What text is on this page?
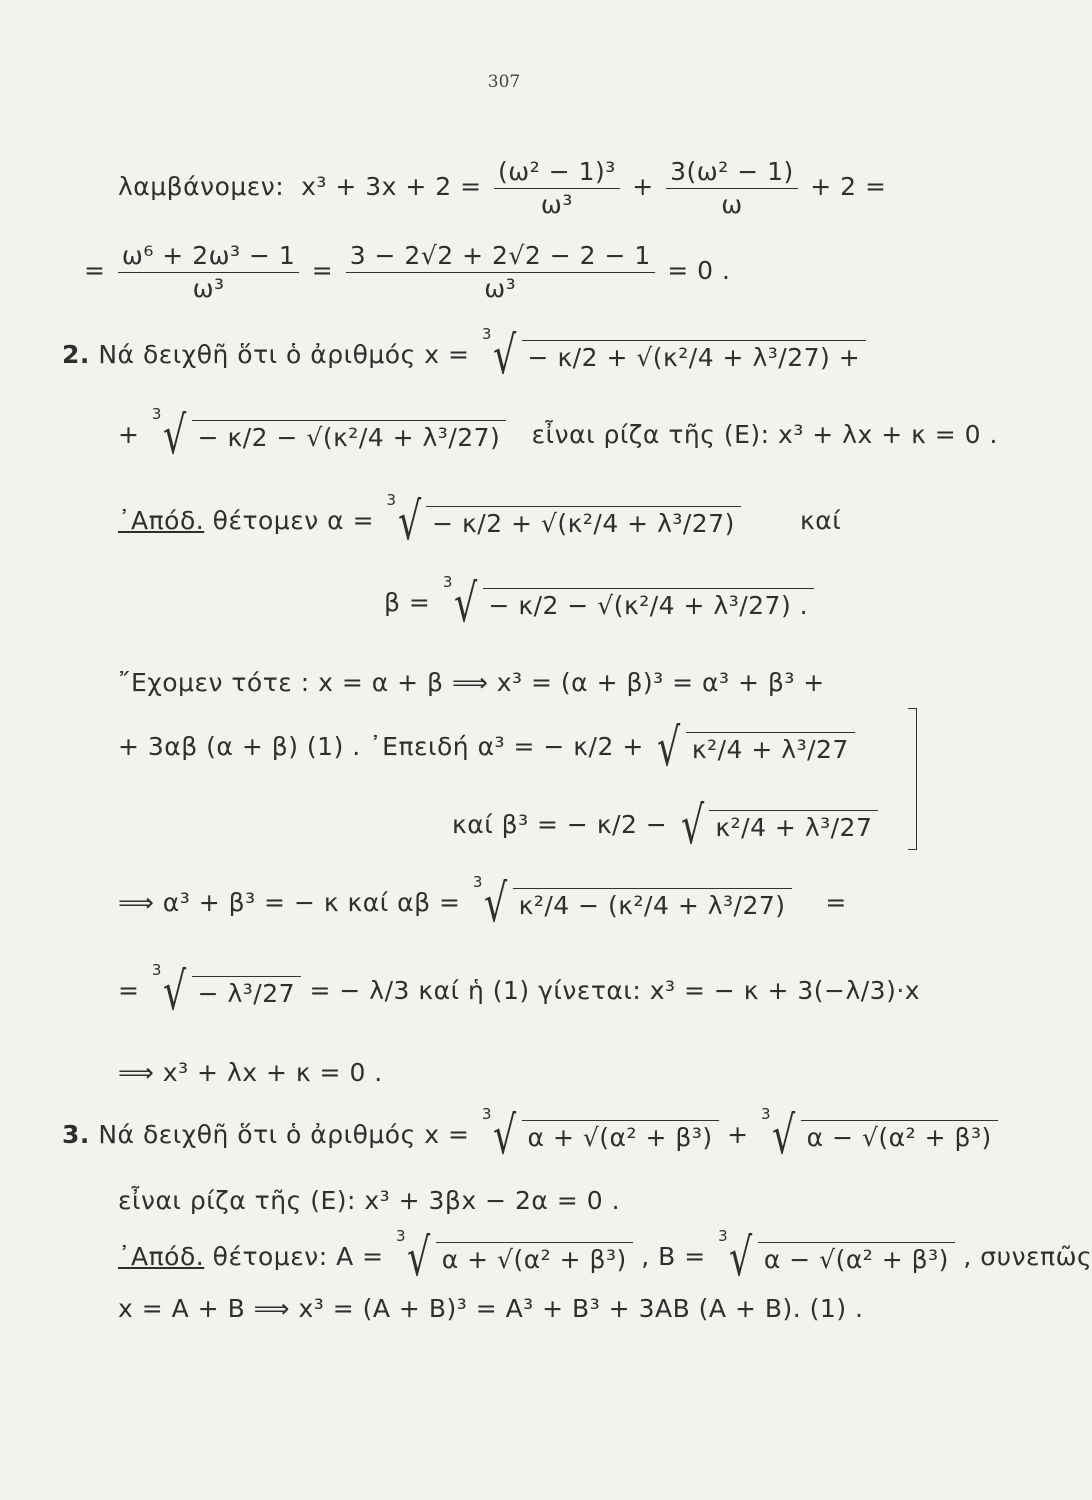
307
λαμβάνομεν: $x^3 + 3x + 2 = \frac{\text{(ω² − 1)³}}{\text{ω³}} + \frac{\text{3(ω² − 1)}}{\omega} + 2$ =
= $\frac{\text{ω⁶ + 2ω³ − 1}}{\text{ω³}} = \frac{3 - 2√2 + 2√2 - 2 - 1}{\text{ω³}} = 0$ .
2. Νά δειχθῆ ὅτι ὁ ἀριθμός x =
3 √ − κ/2 + √(κ²/4 + λ³/27) +
+
3 √ − κ/2 − √(κ²/4 + λ³/27) εἶναι ρίζα τῆς (E): x³ + λx + κ = 0 .
᾿Απόδ. θέτομεν α =
3 √ − κ/2 + √(κ²/4 + λ³/27)	καί
β =
3 √ − κ/2 − √(κ²/4 + λ³/27) .
῎Εχομεν τότε : x = α + β ⟹ x³ = (α + β)³ = α³ + β³ +
+ 3αβ (α + β) (1) . ᾿Επειδή α³ = − κ/2 + √ κ²/4 + λ³/27
καί β³ = − κ/2 − √ κ²/4 + λ³/27
⟹ α³ + β³ = − κ καί αβ =
3 √ κ²/4 − (κ²/4 + λ³/27) =
=
3 √ − λ³/27 = − λ/3 καί ἡ (1) γίνεται: x³ = − κ + 3(−λ/3)·x
⟹ x³ + λx + κ = 0 .
3. Νά δειχθῆ ὅτι ὁ ἀριθμός x =
3 √ α + √(α² + β³) +
3 √ α − √(α² + β³)
εἶναι ρίζα τῆς (E): x³ + 3βx − 2α = 0 .
᾿Απόδ. θέτομεν: A =
3 √ α + √(α² + β³) , B =
3 √ α − √(α² + β³) , συνεπῶς
x = A + B ⟹ x³ = (A + B)³ = A³ + B³ + 3AB (A + B). (1) .
